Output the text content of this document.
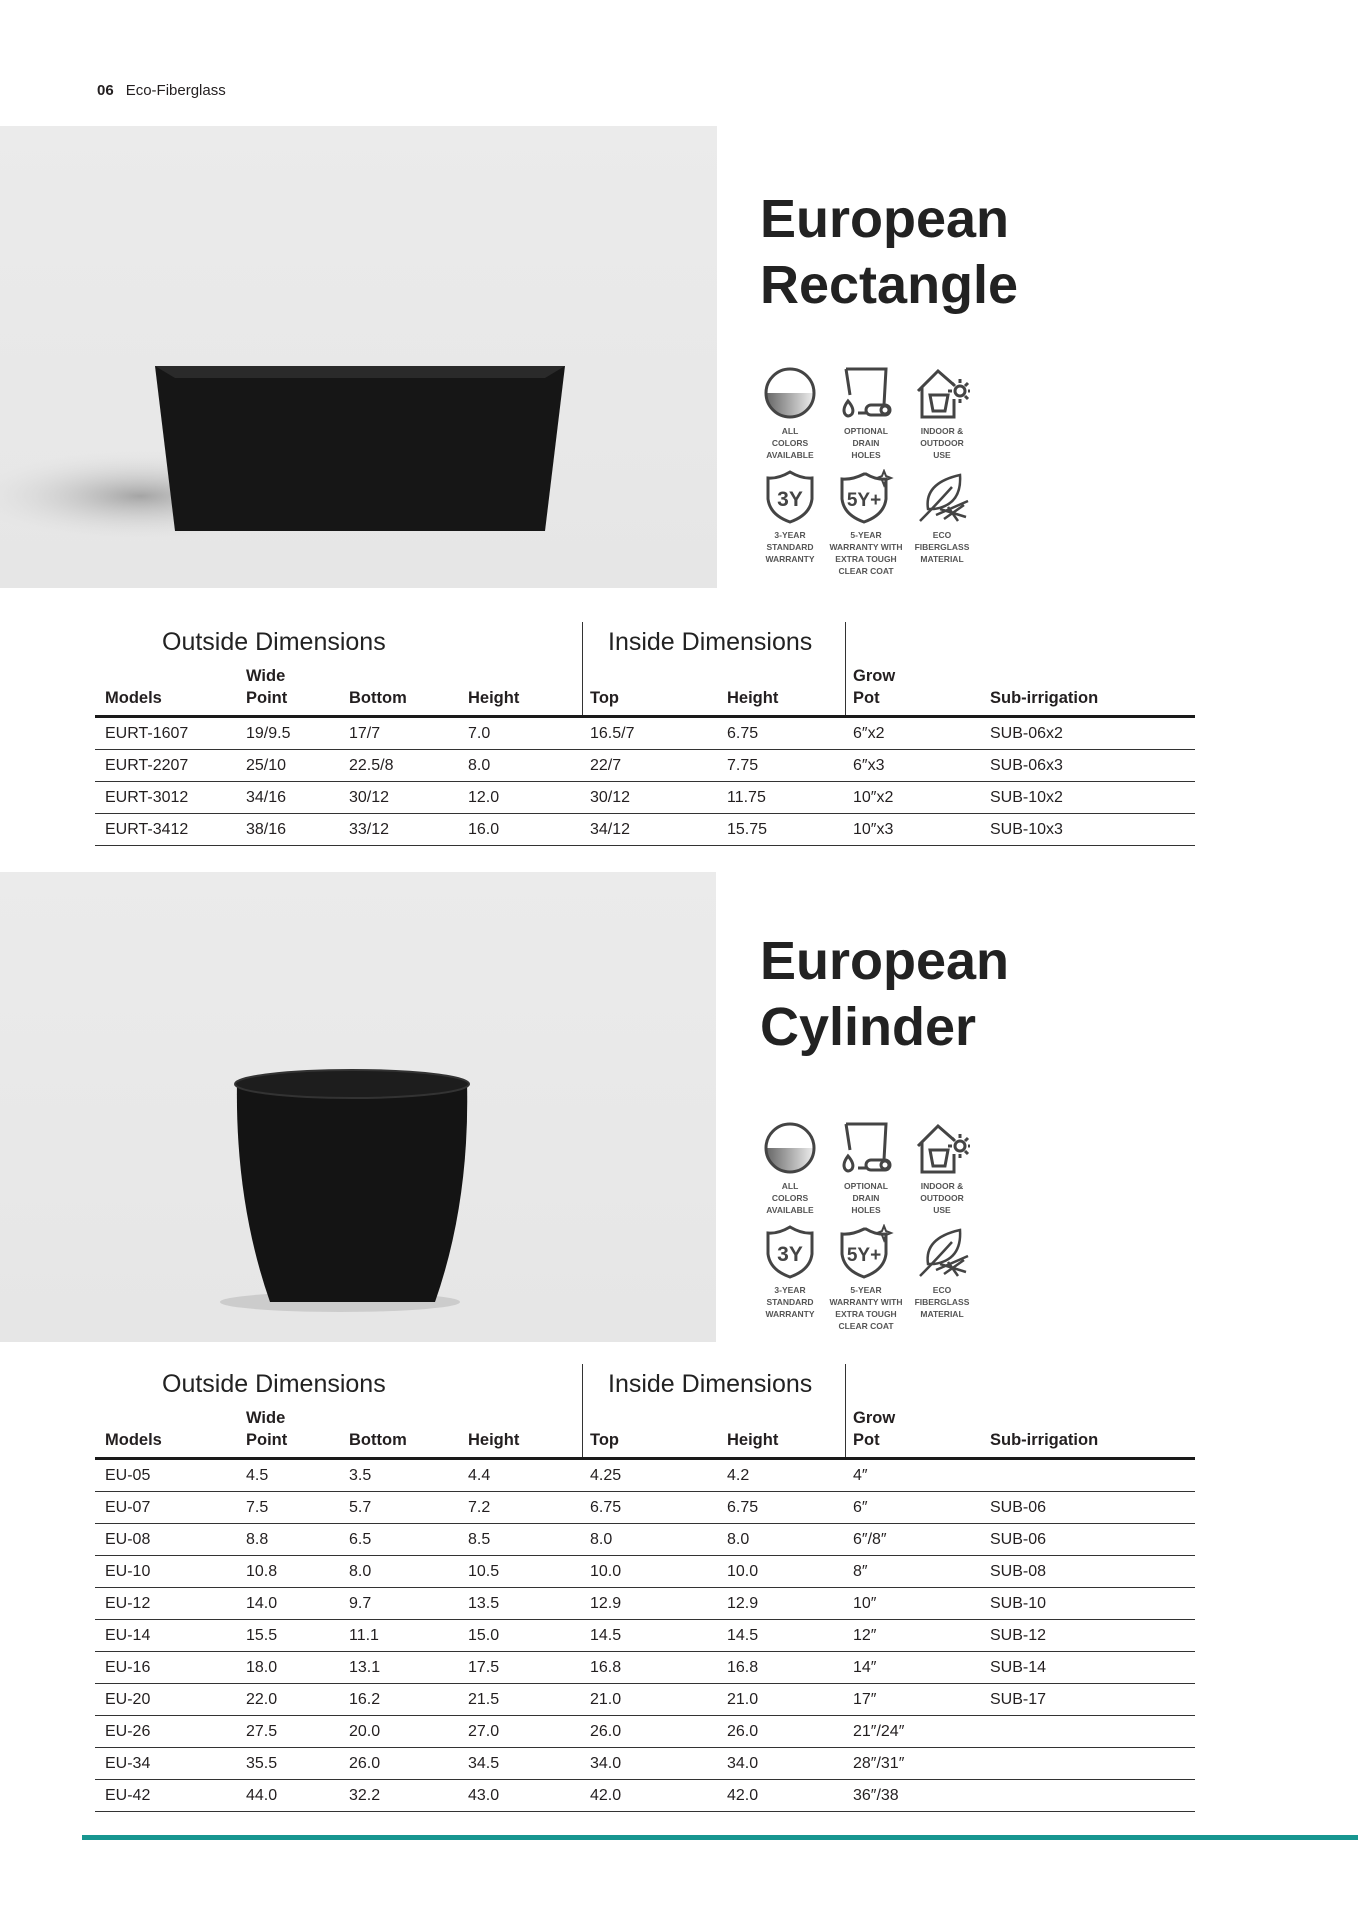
06 Eco-Fiberglass
European
Rectangle
ALL
COLORS
AVAILABLE
OPTIONAL
DRAIN
HOLES
INDOOR &
OUTDOOR
USE
3Y
3-YEAR
STANDARD
WARRANTY
5Y+
5-YEAR
WARRANTY WITH
EXTRA TOUGH
CLEAR COAT
ECO
FIBERGLASS
MATERIAL
Outside Dimensions	Inside Dimensions
Models
Wide
Point	Bottom	Height	Top	Height
Grow
Pot	Sub-irrigation
EURT-1607	19/9.5	17/7	7.0	16.5/7	6.75	6″x2	SUB-06x2
EURT-2207	25/10	22.5/8	8.0	22/7	7.75	6″x3	SUB-06x3
EURT-3012	34/16	30/12	12.0	30/12	11.75	10″x2	SUB-10x2
EURT-3412	38/16	33/12	16.0	34/12	15.75	10″x3	SUB-10x3
European
Cylinder
ALL
COLORS
AVAILABLE
OPTIONAL
DRAIN
HOLES
INDOOR &
OUTDOOR
USE
3Y
3-YEAR
STANDARD
WARRANTY
5Y+
5-YEAR
WARRANTY WITH
EXTRA TOUGH
CLEAR COAT
ECO
FIBERGLASS
MATERIAL
Outside Dimensions	Inside Dimensions
Models
Wide
Point	Bottom	Height	Top	Height
Grow
Pot	Sub-irrigation
EU-05	4.5	3.5	4.4	4.25	4.2	4″
EU-07	7.5	5.7	7.2	6.75	6.75	6″	SUB-06
EU-08	8.8	6.5	8.5	8.0	8.0	6″/8″	SUB-06
EU-10	10.8	8.0	10.5	10.0	10.0	8″	SUB-08
EU-12	14.0	9.7	13.5	12.9	12.9	10″	SUB-10
EU-14	15.5	11.1	15.0	14.5	14.5	12″	SUB-12
EU-16	18.0	13.1	17.5	16.8	16.8	14″	SUB-14
EU-20	22.0	16.2	21.5	21.0	21.0	17″	SUB-17
EU-26	27.5	20.0	27.0	26.0	26.0	21″/24″
EU-34	35.5	26.0	34.5	34.0	34.0	28″/31″
EU-42	44.0	32.2	43.0	42.0	42.0	36″/38
